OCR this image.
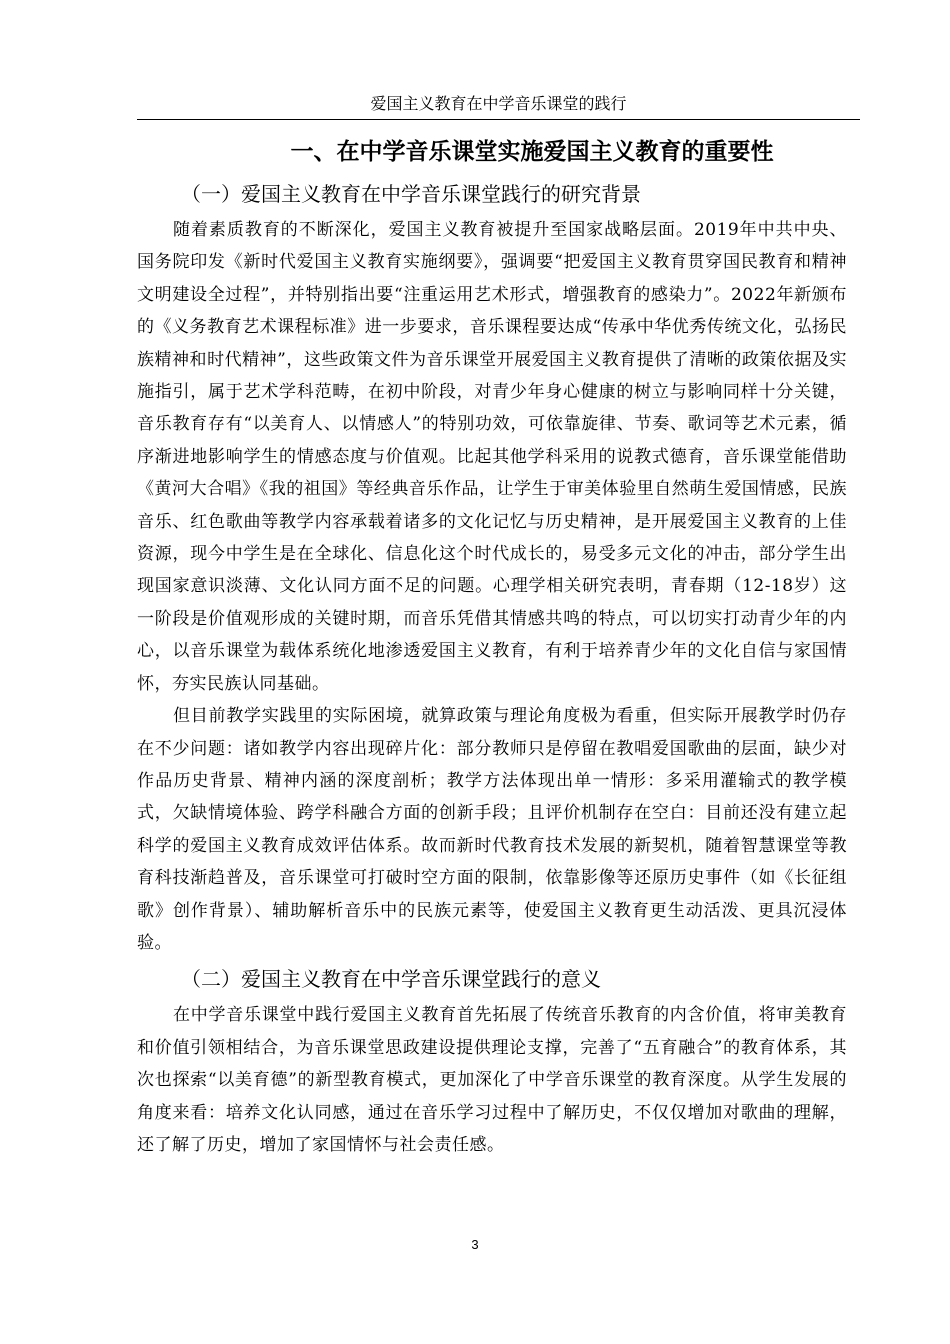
爱国主义教育在中学音乐课堂的践行
一、在中学音乐课堂实施爱国主义教育的重要性
（一）爱国主义教育在中学音乐课堂践行的研究背景

随着素质教育的不断深化，爱国主义教育被提升至国家战略层面。2019年中共中央、国务院印发《新时代爱国主义教育实施纲要》，强调要“把爱国主义教育贯穿国民教育和精神文明建设全过程”，并特别指出要“注重运用艺术形式，增强教育的感染力”。2022年新颁布的《义务教育艺术课程标准》进一步要求，音乐课程要达成“传承中华优秀传统文化，弘扬民族精神和时代精神”，这些政策文件为音乐课堂开展爱国主义教育提供了清晰的政策依据及实施指引，属于艺术学科范畴，在初中阶段，对青少年身心健康的树立与影响同样十分关键，音乐教育存有“以美育人、以情感人”的特别功效，可依靠旋律、节奏、歌词等艺术元素，循序渐进地影响学生的情感态度与价值观。比起其他学科采用的说教式德育，音乐课堂能借助《黄河大合唱》《我的祖国》等经典音乐作品，让学生于审美体验里自然萌生爱国情感，民族音乐、红色歌曲等教学内容承载着诸多的文化记忆与历史精神，是开展爱国主义教育的上佳资源，现今中学生是在全球化、信息化这个时代成长的，易受多元文化的冲击，部分学生出现国家意识淡薄、文化认同方面不足的问题。心理学相关研究表明，青春期（12-18岁）这一阶段是价值观形成的关键时期，而音乐凭借其情感共鸣的特点，可以切实打动青少年的内心，以音乐课堂为载体系统化地渗透爱国主义教育，有利于培养青少年的文化自信与家国情怀，夯实民族认同基础。

但目前教学实践里的实际困境，就算政策与理论角度极为看重，但实际开展教学时仍存在不少问题：诸如教学内容出现碎片化：部分教师只是停留在教唱爱国歌曲的层面，缺少对作品历史背景、精神内涵的深度剖析；教学方法体现出单一情形：多采用灌输式的教学模式，欠缺情境体验、跨学科融合方面的创新手段；且评价机制存在空白：目前还没有建立起科学的爱国主义教育成效评估体系。故而新时代教育技术发展的新契机，随着智慧课堂等教育科技渐趋普及，音乐课堂可打破时空方面的限制，依靠影像等还原历史事件（如《长征组歌》创作背景）、辅助解析音乐中的民族元素等，使爱国主义教育更生动活泼、更具沉浸体验。

（二）爱国主义教育在中学音乐课堂践行的意义

在中学音乐课堂中践行爱国主义教育首先拓展了传统音乐教育的内含价值，将审美教育和价值引领相结合，为音乐课堂思政建设提供理论支撑，完善了“五育融合”的教育体系，其次也探索“以美育德”的新型教育模式，更加深化了中学音乐课堂的教育深度。从学生发展的角度来看：培养文化认同感，通过在音乐学习过程中了解历史，不仅仅增加对歌曲的理解，还了解了历史，增加了家国情怀与社会责任感。

3
